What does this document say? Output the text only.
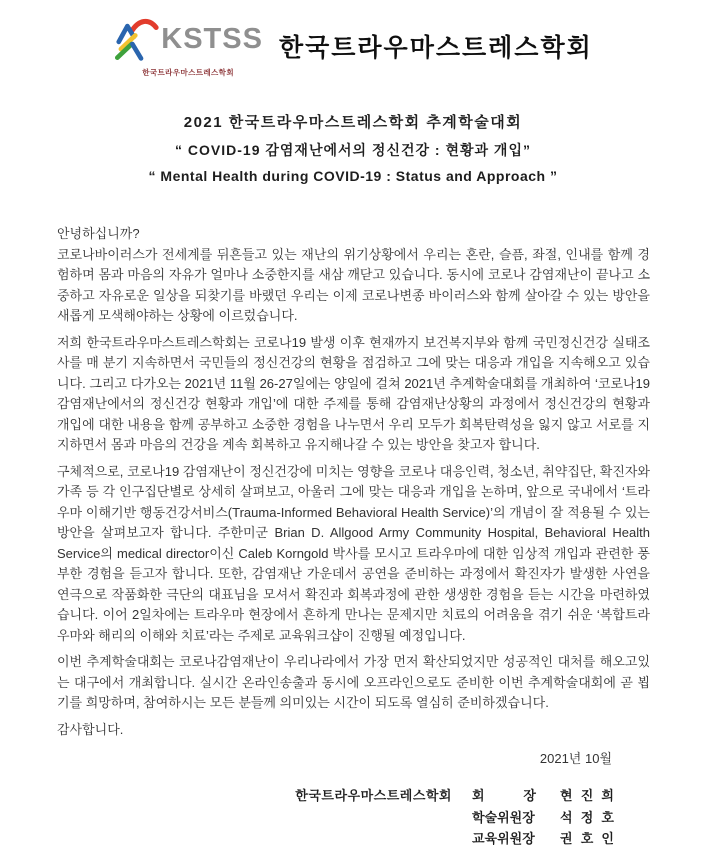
KSTSS
한국트라우마스트레스학회
한국트라우마스트레스학회
2021 한국트라우마스트레스학회 추계학술대회
“ COVID-19 감염재난에서의 정신건강 : 현황과 개입”
“ Mental Health during COVID-19 : Status and Approach ”

안녕하십니까?

코로나바이러스가 전세계를 뒤흔들고 있는 재난의 위기상황에서 우리는 혼란, 슬픔, 좌절, 인내를 함께 경험하며 몸과 마음의 자유가 얼마나 소중한지를 새삼 깨닫고 있습니다. 동시에 코로나 감염재난이 끝나고 소중하고 자유로운 일상을 되찾기를 바랬던 우리는 이제 코로나변종 바이러스와 함께 살아갈 수 있는 방안을 새롭게 모색해야하는 상황에 이르렀습니다.

저희 한국트라우마스트레스학회는 코로나19 발생 이후 현재까지 보건복지부와 함께 국민정신건강 실태조사를 매 분기 지속하면서 국민들의 정신건강의 현황을 점검하고 그에 맞는 대응과 개입을 지속해오고 있습니다. 그리고 다가오는 2021년 11월 26-27일에는 양일에 걸쳐 2021년 추계학술대회를 개최하여 ‘코로나19 감염재난에서의 정신건강 현황과 개입’에 대한 주제를 통해 감염재난상황의 과정에서 정신건강의 현황과 개입에 대한 내용을 함께 공부하고 소중한 경험을 나누면서 우리 모두가 회복탄력성을 잃지 않고 서로를 지지하면서 몸과 마음의 건강을 계속 회복하고 유지해나갈 수 있는 방안을 찾고자 합니다.

구체적으로, 코로나19 감염재난이 정신건강에 미치는 영향을 코로나 대응인력, 청소년, 취약집단, 확진자와 가족 등 각 인구집단별로 상세히 살펴보고, 아울러 그에 맞는 대응과 개입을 논하며, 앞으로 국내에서 ‘트라우마 이해기반 행동건강서비스(Trauma-Informed Behavioral Health Service)’의 개념이 잘 적용될 수 있는 방안을 살펴보고자 합니다. 주한미군 Brian D. Allgood Army Community Hospital, Behavioral Health Service의 medical director이신 Caleb Korngold 박사를 모시고 트라우마에 대한 임상적 개입과 관련한 풍부한 경험을 듣고자 합니다. 또한, 감염재난 가운데서 공연을 준비하는 과정에서 확진자가 발생한 사연을 연극으로 작품화한 극단의 대표님을 모셔서 확진과 회복과정에 관한 생생한 경험을 듣는 시간을 마련하였습니다. 이어 2일차에는 트라우마 현장에서 흔하게 만나는 문제지만 치료의 어려움을 겪기 쉬운 ‘복합트라우마와 해리의 이해와 치료’라는 주제로 교육워크샵이 진행될 예정입니다.

이번 추계학술대회는 코로나감염재난이 우리나라에서 가장 먼저 확산되었지만 성공적인 대처를 해오고있는 대구에서 개최합니다. 실시간 온라인송출과 동시에 오프라인으로도 준비한 이번 추계학술대회에 곧 뵙기를 희망하며, 참여하시는 모든 분들께 의미있는 시간이 되도록 열심히 준비하겠습니다.

감사합니다.

2021년 10월
한국트라우마스트레스학회 회 장 현 진 희
학술위원장 석 정 호
교육위원장 권 호 인
